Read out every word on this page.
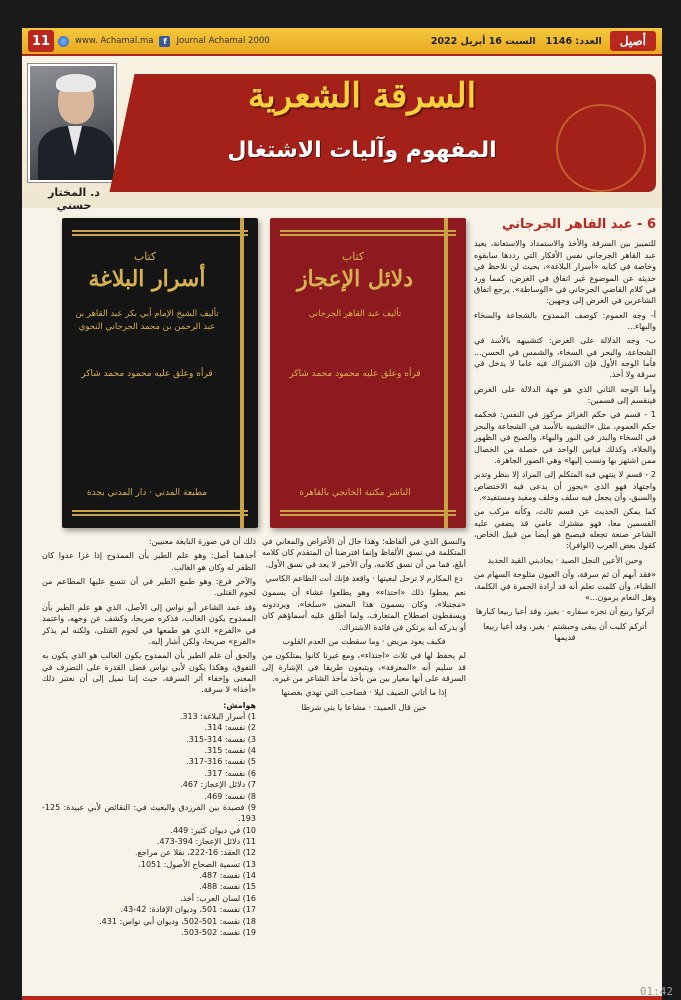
أصيل
العدد: 1146
السبت 16 أبريل 2022
www. Achamal.ma	f	Journal Achamal 2000
11
د. المختار حسني
السرقة الشعرية
المفهوم وآليات الاشتغال
كتاب
أسرار البلاغة
تأليف الشيخ الإمام أبي بكر عبد القاهر بن عبد الرحمن بن محمد الجرجاني النحوي
قرأه وعلق عليه محمود محمد شاكر
مطبعة المدني · دار المدني بجدة
كتاب
دلائل الإعجاز
تأليف عبد القاهر الجرجاني
قرأه وعلق عليه محمود محمد شاكر
الناشر مكتبة الخانجي بالقاهرة
6 - عبد القاهر الجرجاني

للتمييز بين السرقة والأخذ والاستمداد والاستعانة، يعيد عبد القاهر الجرجاني نفس الأفكار التي رددها سابقوه وخاصة في كتابه «أسرار البلاغة»، بحيث لن نلاحظ في حديثه عن الموضوع غير اتفاق في الغرض، كمما ورد في كلام القاضي الجرجاني في «الوساطة». يرجع اتفاق الشاعرين في الغرض إلى وجهين:

أ- وجه العموم: كوصف الممدوح بالشجاعة والسخاء والبهاء...

ب- وجه الدلالة على الغرض: كتشبيهه بالأسد في الشجاعة، والبحر في السخاء، والشمس في الحسن... فأما الوجه الأول فإن الاشتراك فيه عاما لا يدخل في سرقة ولا أخذ.

وأما الوجه الثاني الذي هو جهة الدلالة على الغرض فينقسم إلى قسمين:

1 - قسم في حكم الغرائز مركوز في النفس: فحكمه حكم العموم، مثل «التشبيه بالأسد في الشجاعة والبحر في السخاء والبدر في النور والبهاء، والصبح في الظهور والجلاء، وكذلك قياس الواحد في خصلة من الخصال ممن اشتهر بها ونسب إليها» وهي الصور الجاهزة.

2 - قسم لا ينتهي فيه المتكلم إلى المراد إلا بنظر وتدبر واجتهاد فهو الذي «يجوز أن يدعى فيه الاختصاص والسبق، وأن يجعل فيه سلف وخلف ومفيد ومستفيد».

كما يمكن الحديث عن قسم ثالث، وكأنه مركب من القسمين معا، فهو مشترك عامي قد يضفي عليه الشاعر صنعة تجعله فيصبح هو أيضا من قبيل الخاص، كقول بعض العرب (الوافر):

وحين الأعين النجل الصيد · يجاذبني القيد الحديد

«فقد أبهم أن ثم سرقة، وأن العيون مثلوحة السهام من الظباء، وأن كلمت تعلم أنه قد أرادة الحمرة في الكلمة، وهل النعام يرمون...»

أتركوا ربيع أن تجره سفاره · بغير، وقد أعيا ربيعا كبارها
أتركم كليب أن يبقى وحبشتم · بغير، وقد أعيا ربيعا قديمها

والنسق الذي في ألفاظه؛ وهذا حال أن الأغراض والمعاني في المتكلمة في نسق الألفاظ وإنما افترضنا أن المتقدم كان كلامه أبلغ، فما من أن نسق كلامه، وأن الأخير لا يعد في نسق الأول.

دع المكارم لا ترحل لبغيتها · واقعد فإنك أنت الطاعم الكاسي

نعم يعطوا ذلك «احتذاء» وهو يطلعوا عشاء أن يسمون «مجتبلا»، وكان يسمون هذا المعنى «سلخا»، ويرددونه ويسقطون اصطلاح المتعارف، ولما أطلق عليه أسماؤهم كان أو يدركه أنه يرتكن في فائدة الاشتراك.

فكيف يعود مريض · وما سقطت من العدم القلوب

لم يحفظ لها في ثلاث «اجتذاء»، ومع غيرنا كانوا يمتلكون من قد سليم أنه «المعرفة»، ويتبعون طريقا في الإشارة إلى السرقة على أنها معيار بين من يأخذ مأخذ الشاعر من غيره.

إذا ما أتاني الضيف ليلا · فصاحب التي تهدي بغصنها
حين قال العميد: · مشاعا يا بني شرطا

ذلك أن في صورة النابغة معنيين:

أحدهما أصل: وهو علم الطير بأن الممدوح إذا غزا عدوا كان الظفر له وكان هو الغالب.

والآخر فرع: وهو طمع الطير في أن تتسع عليها المطاعم من لحوم القتلى.

وقد عمد الشاعر أبو نواس إلى الأصل، الذي هو علم الطير بأن الممدوح يكون الغالب، فذكره صريحا، وكشف عن وجهه، واعتمد في «الفرع» الذي هو طمعها في لحوم القتلى، ولكنه لم يذكر «الفرع» صريحا، ولكن أشار إليه.

والحق أن علم الطير بأن الممدوح يكون الغالب هو الذي يكون به التفوق، وهكذا يكون لأبي نواس فضل القدرة على التصرف في المعنى وإخفاء أثر السرقة، حيث إننا نميل إلى أن نعتبر ذلك «أخذا» لا سرقة.

هوامش:
1) أسرار البلاغة: 313.
2) نفسه: 314.
3) نفسه: 314-315.
4) نفسه: 315.
5) نفسه: 316-317.
6) نفسه: 317.
7) دلائل الإعجاز: 467.
8) نفسه: 469.
9) قصيدة بين الفرزدق والبعيث في: النقائض لأبي عبيدة: 125-193.
10) في ديوان كثير: 449.
11) دلائل الإعجاز: 394-473.
12) العقد: 16-222، نقلا عن مراجع.
13) تسمية الصحاح الأصول: 1051.
14) نفسه: 487.
15) نفسه: 488.
16) لسان العرب: أخذ.
17) نفسه: 501، وديوان الإفادة: 42-43.
18) نفسه: 501-502، وديوان أبي نواس: 431.
19) نفسه: 502-503.
01:42
